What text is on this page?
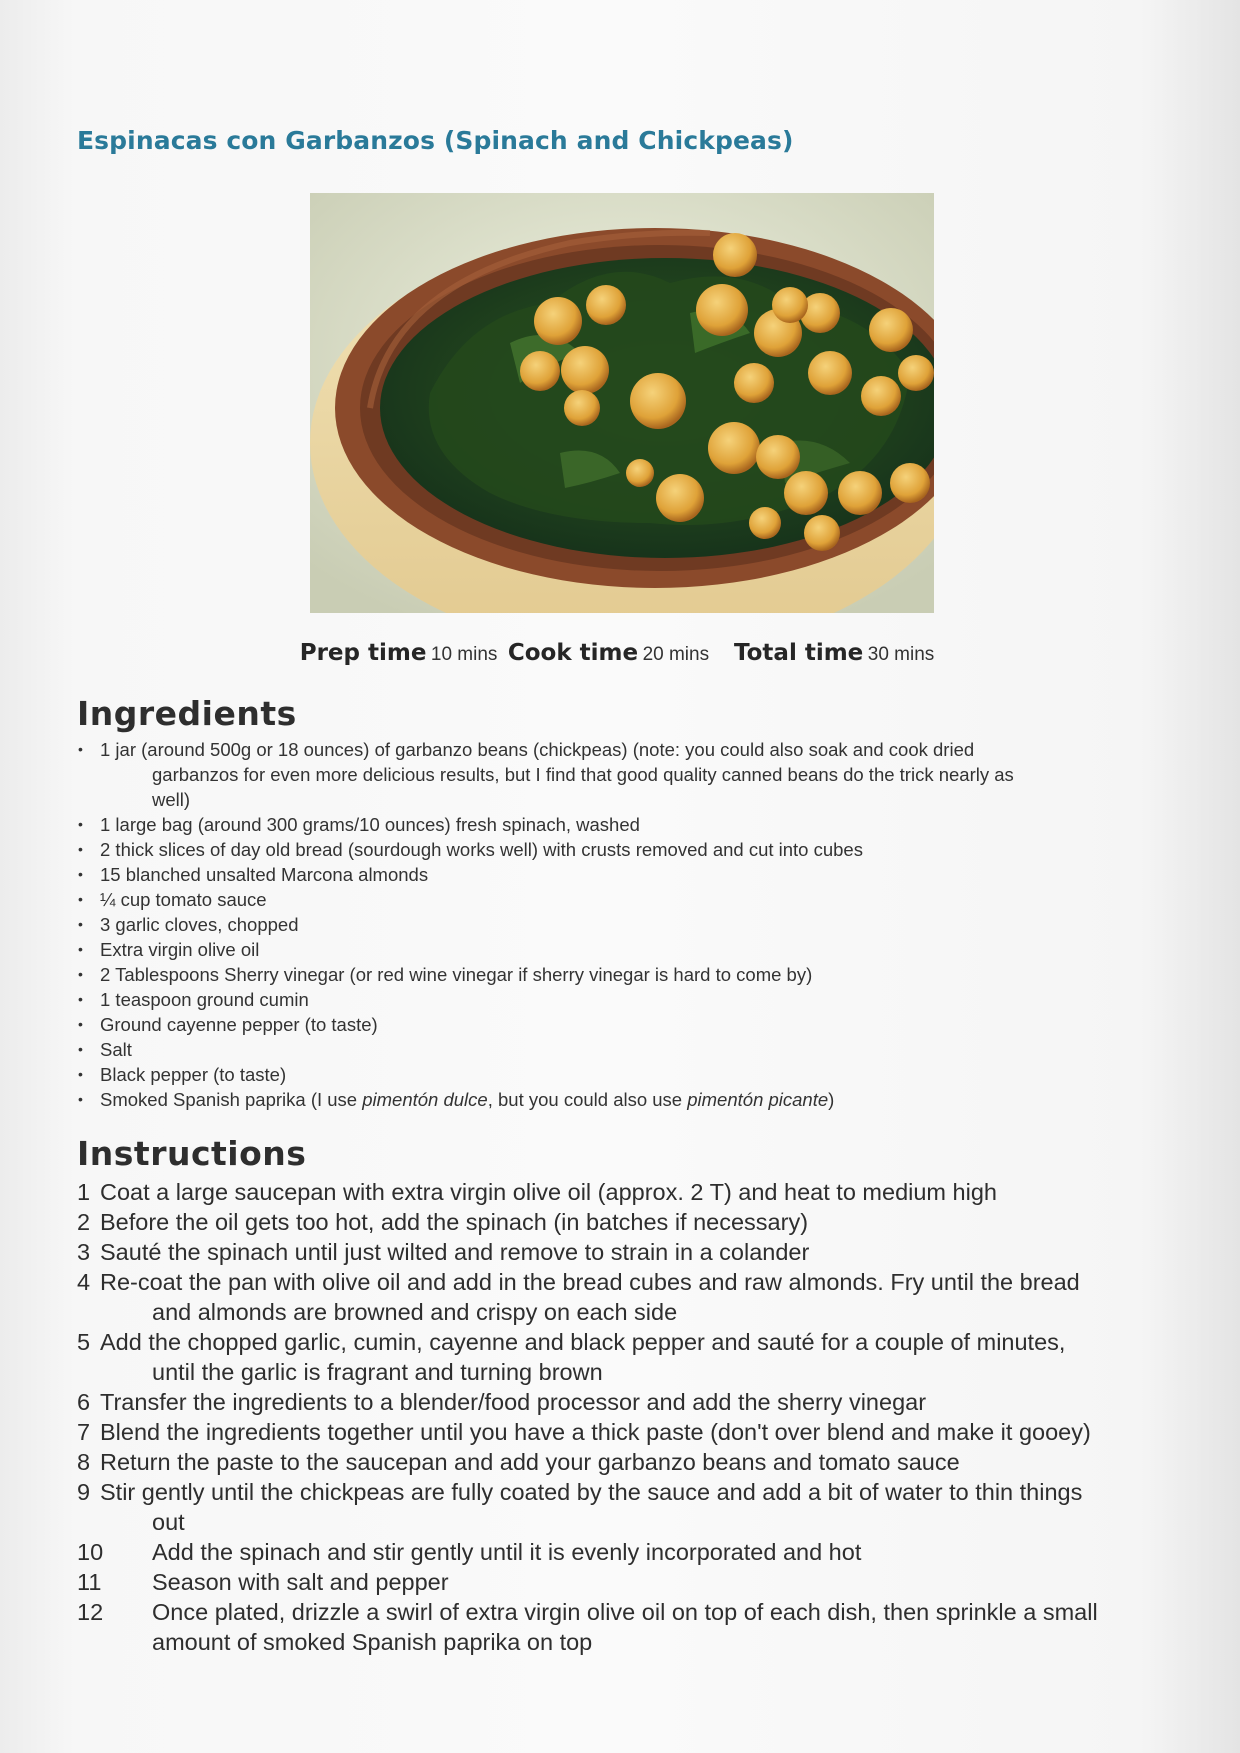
Espinacas con Garbanzos (Spinach and Chickpeas)
Prep time 10 mins Cook time 20 mins Total time 30 mins
Ingredients
• 1 jar (around 500g or 18 ounces) of garbanzo beans (chickpeas) (note: you could also soak and cook dried
garbanzos for even more delicious results, but I find that good quality canned beans do the trick nearly as
well)
• 1 large bag (around 300 grams/10 ounces) fresh spinach, washed
• 2 thick slices of day old bread (sourdough works well) with crusts removed and cut into cubes
• 15 blanched unsalted Marcona almonds
• ¼ cup tomato sauce
• 3 garlic cloves, chopped
• Extra virgin olive oil
• 2 Tablespoons Sherry vinegar (or red wine vinegar if sherry vinegar is hard to come by)
• 1 teaspoon ground cumin
• Ground cayenne pepper (to taste)
• Salt
• Black pepper (to taste)
• Smoked Spanish paprika (I use pimentón dulce, but you could also use pimentón picante)
Instructions
1 Coat a large saucepan with extra virgin olive oil (approx. 2 T) and heat to medium high
2 Before the oil gets too hot, add the spinach (in batches if necessary)
3 Sauté the spinach until just wilted and remove to strain in a colander
4 Re-coat the pan with olive oil and add in the bread cubes and raw almonds. Fry until the bread
and almonds are browned and crispy on each side
5 Add the chopped garlic, cumin, cayenne and black pepper and sauté for a couple of minutes,
until the garlic is fragrant and turning brown
6 Transfer the ingredients to a blender/food processor and add the sherry vinegar
7 Blend the ingredients together until you have a thick paste (don't over blend and make it gooey)
8 Return the paste to the saucepan and add your garbanzo beans and tomato sauce
9 Stir gently until the chickpeas are fully coated by the sauce and add a bit of water to thin things
out
10 Add the spinach and stir gently until it is evenly incorporated and hot
11 Season with salt and pepper
12 Once plated, drizzle a swirl of extra virgin olive oil on top of each dish, then sprinkle a small
amount of smoked Spanish paprika on top
